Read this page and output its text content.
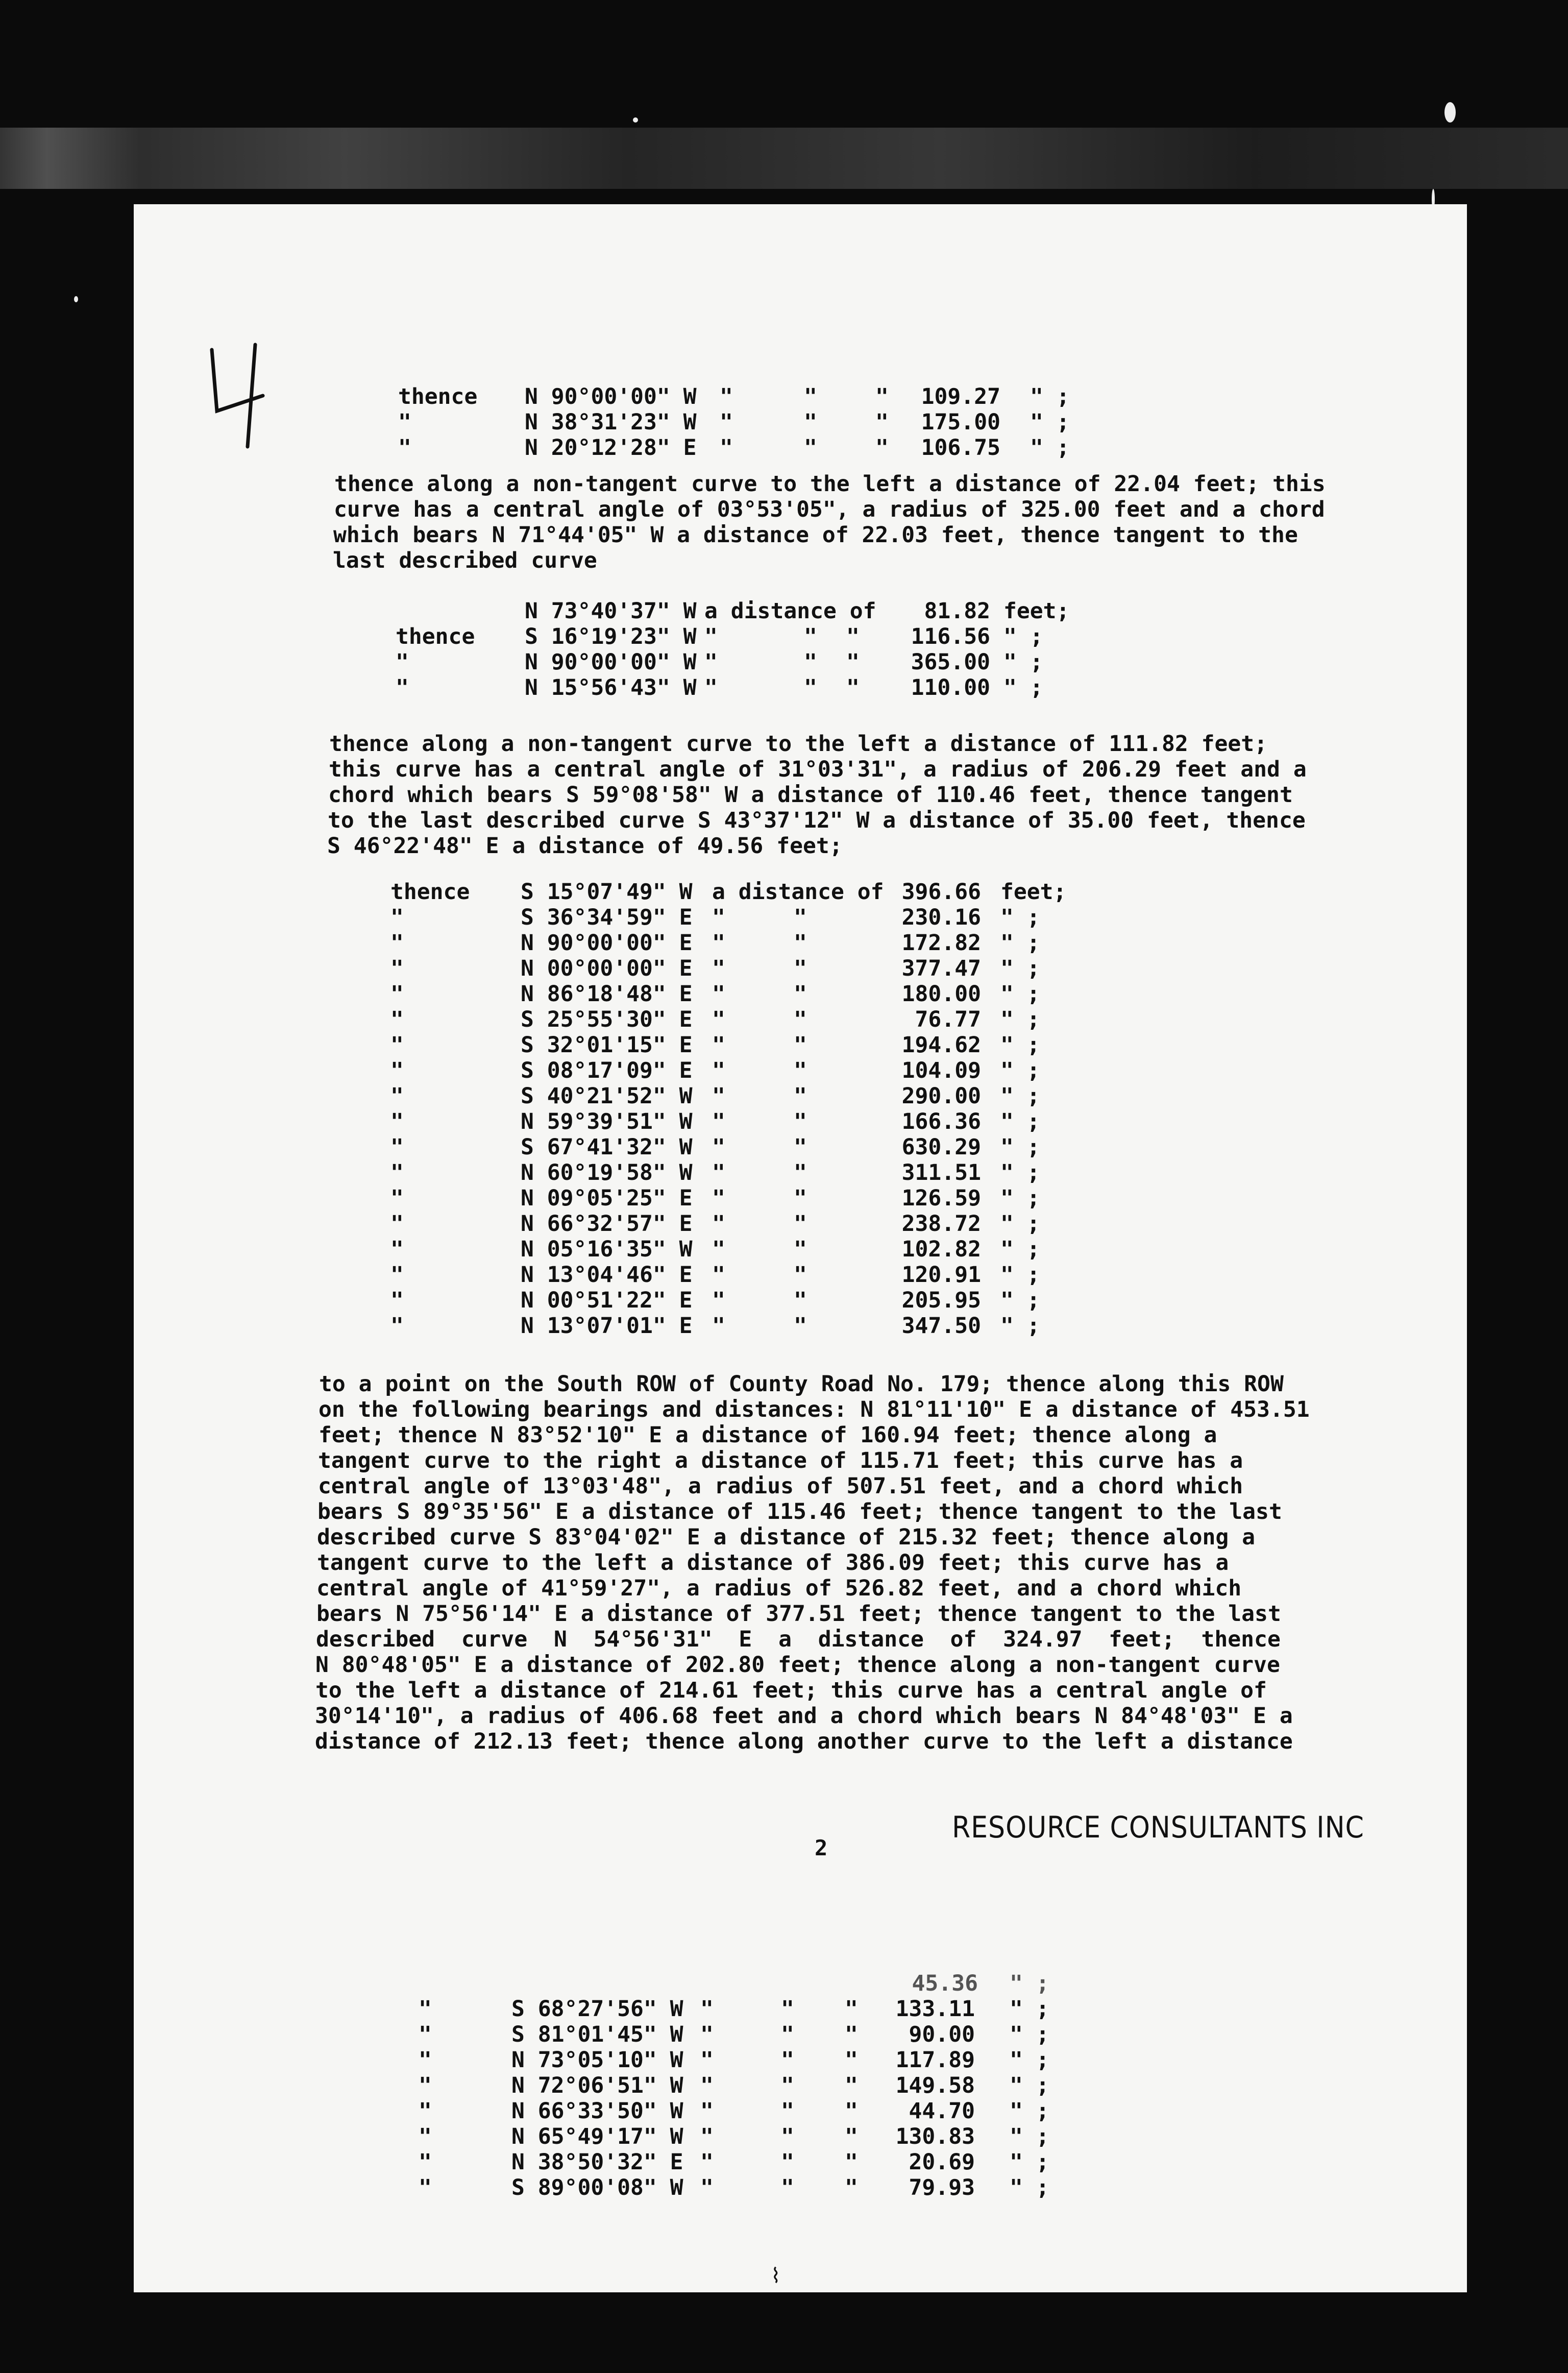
thence N 90°00'00" W "	"	"	109.27 " ;
"	N 38°31'23" W "	"	"	175.00 " ;
"	N 20°12'28" E "	"	"	106.75 " ;
thence along a non-tangent curve to the left a distance of 22.04 feet; this
curve has a central angle of 03°53'05", a radius of 325.00 feet and a chord
which bears N 71°44'05" W a distance of 22.03 feet, thence tangent to the
last described curve
N 73°40'37" W a distance of	81.82 feet;
thence S 16°19'23" W "	" "	116.56 " ;
"	N 90°00'00" W "	" "	365.00 " ;
"	N 15°56'43" W "	" "	110.00 " ;
thence along a non-tangent curve to the left a distance of 111.82 feet;
this curve has a central angle of 31°03'31", a radius of 206.29 feet and a
chord which bears S 59°08'58" W a distance of 110.46 feet, thence tangent
to the last described curve S 43°37'12" W a distance of 35.00 feet, thence
S 46°22'48" E a distance of 49.56 feet;
thence S 15°07'49" W a distance of 396.66 feet;
"	S 36°34'59" E "	"	230.16 " ;
"	N 90°00'00" E "	"	172.82 " ;
"	N 00°00'00" E "	"	377.47 " ;
"	N 86°18'48" E "	"	180.00 " ;
"	S 25°55'30" E "	"	76.77 " ;
"	S 32°01'15" E "	"	194.62 " ;
"	S 08°17'09" E "	"	104.09 " ;
"	S 40°21'52" W "	"	290.00 " ;
"	N 59°39'51" W "	"	166.36 " ;
"	S 67°41'32" W "	"	630.29 " ;
"	N 60°19'58" W "	"	311.51 " ;
"	N 09°05'25" E "	"	126.59 " ;
"	N 66°32'57" E "	"	238.72 " ;
"	N 05°16'35" W "	"	102.82 " ;
"	N 13°04'46" E "	"	120.91 " ;
"	N 00°51'22" E "	"	205.95 " ;
"	N 13°07'01" E "	"	347.50 " ;
to a point on the South ROW of County Road No. 179; thence along this ROW
on the following bearings and distances: N 81°11'10" E a distance of 453.51
feet; thence N 83°52'10" E a distance of 160.94 feet; thence along a
tangent curve to the right a distance of 115.71 feet; this curve has a
central angle of 13°03'48", a radius of 507.51 feet, and a chord which
bears S 89°35'56" E a distance of 115.46 feet; thence tangent to the last
described curve S 83°04'02" E a distance of 215.32 feet; thence along a
tangent curve to the left a distance of 386.09 feet; this curve has a
central angle of 41°59'27", a radius of 526.82 feet, and a chord which
bears N 75°56'14" E a distance of 377.51 feet; thence tangent to the last
described  curve  N  54°56'31"  E  a  distance  of  324.97  feet;  thence
N 80°48'05" E a distance of 202.80 feet; thence along a non-tangent curve
to the left a distance of 214.61 feet; this curve has a central angle of
30°14'10", a radius of 406.68 feet and a chord which bears N 84°48'03" E a
distance of 212.13 feet; thence along another curve to the left a distance
45.36 " ;
"	S 68°27'56" W "	" "	133.11 " ;
"	S 81°01'45" W "	" "	90.00 " ;
"	N 73°05'10" W "	" "	117.89 " ;
"	N 72°06'51" W "	" "	149.58 " ;
"	N 66°33'50" W "	" "	44.70 " ;
"	N 65°49'17" W "	" "	130.83 " ;
"	N 38°50'32" E "	" "	20.69 " ;
"	S 89°00'08" W "	" "	79.93 " ;
RESOURCE CONSULTANTS INC
2
⌇
